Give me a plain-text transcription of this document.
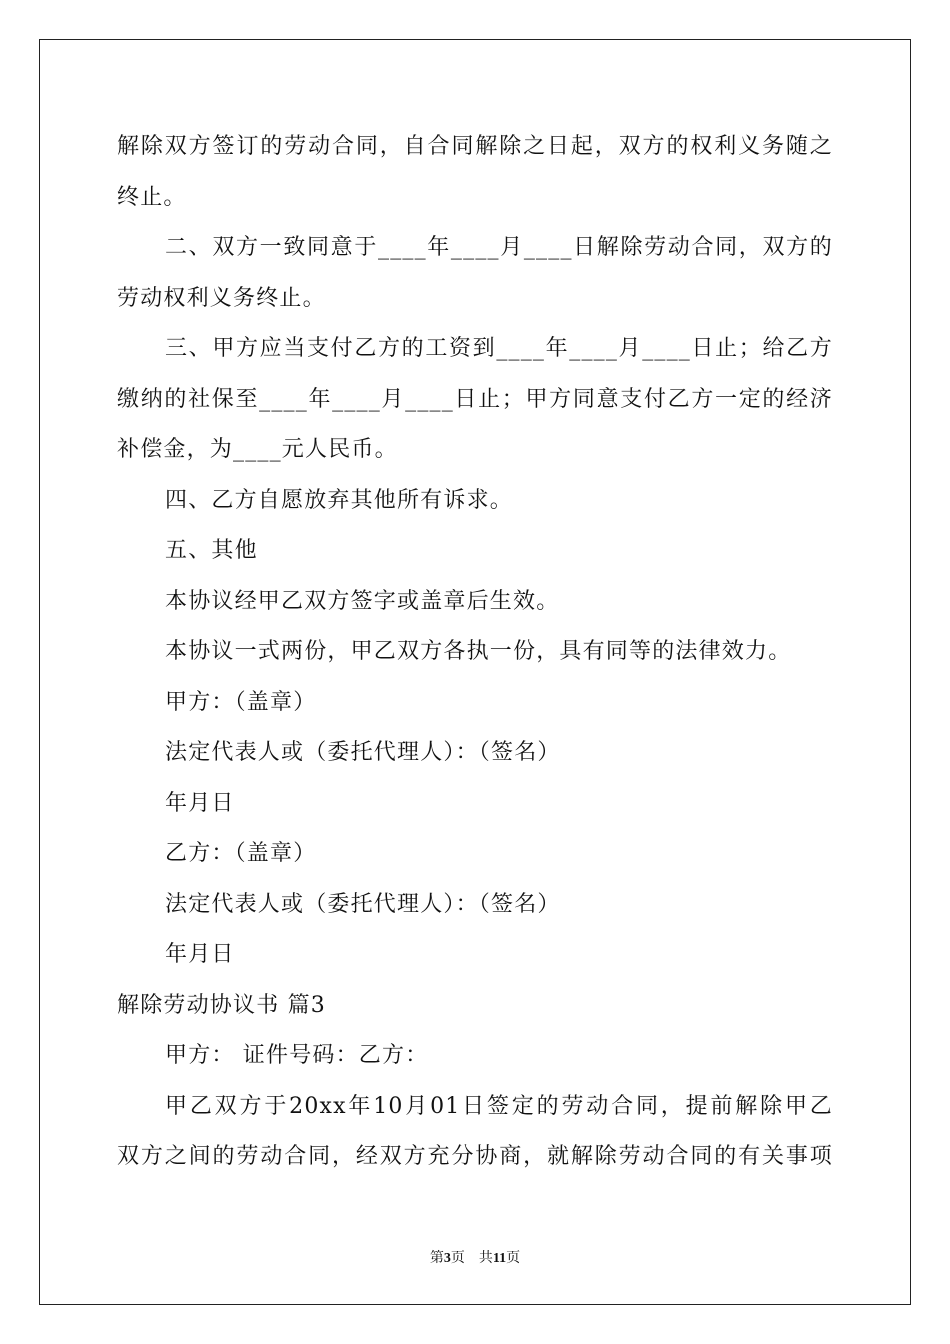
解除双方签订的劳动合同，自合同解除之日起，双方的权利义务随之
终止。
二、双方一致同意于____年____月____日解除劳动合同，双方的
劳动权利义务终止。
三、甲方应当支付乙方的工资到____年____月____日止；给乙方
缴纳的社保至____年____月____日止；甲方同意支付乙方一定的经济
补偿金，为____元人民币。
四、乙方自愿放弃其他所有诉求。
五、其他
本协议经甲乙双方签字或盖章后生效。
本协议一式两份，甲乙双方各执一份，具有同等的法律效力。
甲方：（盖章）
法定代表人或（委托代理人）：（签名）
年月日
乙方：（盖章）
法定代表人或（委托代理人）：（签名）
年月日
解除劳动协议书 篇3
甲方： 证件号码：乙方：
甲乙双方于20xx年10月01日签定的劳动合同，提前解除甲乙
双方之间的劳动合同，经双方充分协商，就解除劳动合同的有关事项
第3页 共11页
